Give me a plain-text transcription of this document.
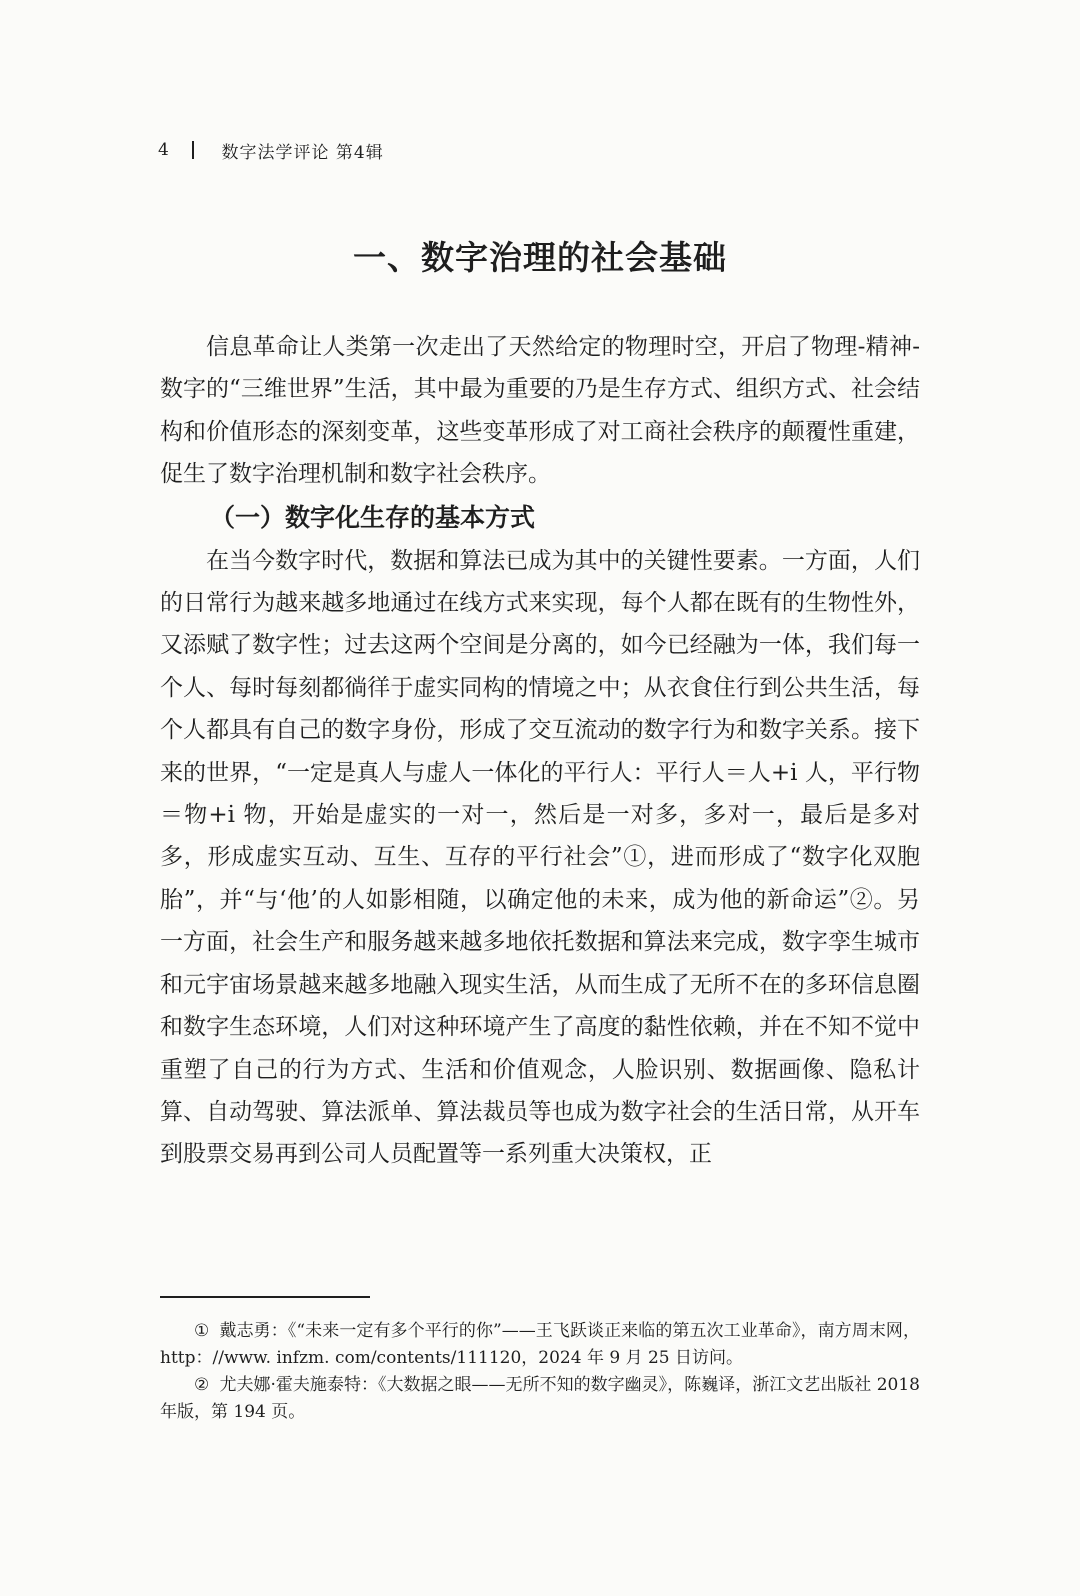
4	数字法学评论 第4辑
一、数字治理的社会基础

信息革命让人类第一次走出了天然给定的物理时空，开启了物理-精神-数字的“三维世界”生活，其中最为重要的乃是生存方式、组织方式、社会结构和价值形态的深刻变革，这些变革形成了对工商社会秩序的颠覆性重建，促生了数字治理机制和数字社会秩序。

（一）数字化生存的基本方式

在当今数字时代，数据和算法已成为其中的关键性要素。一方面，人们的日常行为越来越多地通过在线方式来实现，每个人都在既有的生物性外，又添赋了数字性；过去这两个空间是分离的，如今已经融为一体，我们每一个人、每时每刻都徜徉于虚实同构的情境之中；从衣食住行到公共生活，每个人都具有自己的数字身份，形成了交互流动的数字行为和数字关系。接下来的世界，“一定是真人与虚人一体化的平行人：平行人＝人+i 人，平行物＝物+i 物，开始是虚实的一对一，然后是一对多，多对一，最后是多对多，形成虚实互动、互生、互存的平行社会”①，进而形成了“数字化双胞胎”，并“与‘他’的人如影相随，以确定他的未来，成为他的新命运”②。另一方面，社会生产和服务越来越多地依托数据和算法来完成，数字孪生城市和元宇宙场景越来越多地融入现实生活，从而生成了无所不在的多环信息圈和数字生态环境，人们对这种环境产生了高度的黏性依赖，并在不知不觉中重塑了自己的行为方式、生活和价值观念，人脸识别、数据画像、隐私计算、自动驾驶、算法派单、算法裁员等也成为数字社会的生活日常，从开车到股票交易再到公司人员配置等一系列重大决策权，正

① 戴志勇：《“未来一定有多个平行的你”——王飞跃谈正来临的第五次工业革命》，南方周末网，http：//www. infzm. com/contents/111120，2024 年 9 月 25 日访问。

② 尤夫娜·霍夫施泰特：《大数据之眼——无所不知的数字幽灵》，陈巍译，浙江文艺出版社 2018 年版，第 194 页。
